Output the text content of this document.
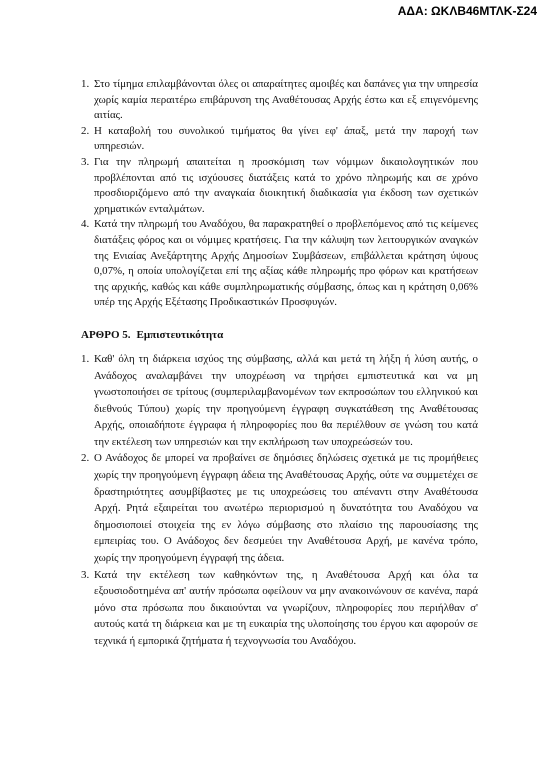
ΑΔΑ: ΩΚΛΒ46ΜΤΛΚ-Σ24
1. Στο τίμημα επιλαμβάνονται όλες οι απαραίτητες αμοιβές και δαπάνες για την υπηρεσία χωρίς καμία περαιτέρω επιβάρυνση της Αναθέτουσας Αρχής έστω και εξ επιγενόμενης αιτίας.
2. Η καταβολή του συνολικού τιμήματος θα γίνει εφ' άπαξ, μετά την παροχή των υπηρεσιών.
3. Για την πληρωμή απαιτείται η προσκόμιση των νόμιμων δικαιολογητικών που προβλέπονται από τις ισχύουσες διατάξεις κατά το χρόνο πληρωμής και σε χρόνο προσδιοριζόμενο από την αναγκαία διοικητική διαδικασία για έκδοση των σχετικών χρηματικών ενταλμάτων.
4. Κατά την πληρωμή του Αναδόχου, θα παρακρατηθεί ο προβλεπόμενος από τις κείμενες διατάξεις φόρος και οι νόμιμες κρατήσεις. Για την κάλυψη των λειτουργικών αναγκών της Ενιαίας Ανεξάρτητης Αρχής Δημοσίων Συμβάσεων, επιβάλλεται κράτηση ύψους 0,07%, η οποία υπολογίζεται επί της αξίας κάθε πληρωμής προ φόρων και κρατήσεων της αρχικής, καθώς και κάθε συμπληρωματικής σύμβασης, όπως και η κράτηση 0,06% υπέρ της Αρχής Εξέτασης Προδικαστικών Προσφυγών.
ΑΡΘΡΟ 5. Εμπιστευτικότητα
1. Καθ' όλη τη διάρκεια ισχύος της σύμβασης, αλλά και μετά τη λήξη ή λύση αυτής, ο Ανάδοχος αναλαμβάνει την υποχρέωση να τηρήσει εμπιστευτικά και να μη γνωστοποιήσει σε τρίτους (συμπεριλαμβανομένων των εκπροσώπων του ελληνικού και διεθνούς Τύπου) χωρίς την προηγούμενη έγγραφη συγκατάθεση της Αναθέτουσας Αρχής, οποιαδήποτε έγγραφα ή πληροφορίες που θα περιέλθουν σε γνώση του κατά την εκτέλεση των υπηρεσιών και την εκπλήρωση των υποχρεώσεών του.
2. Ο Ανάδοχος δε μπορεί να προβαίνει σε δημόσιες δηλώσεις σχετικά με τις προμήθειες χωρίς την προηγούμενη έγγραφη άδεια της Αναθέτουσας Αρχής, ούτε να συμμετέχει σε δραστηριότητες ασυμβίβαστες με τις υποχρεώσεις του απέναντι στην Αναθέτουσα Αρχή. Ρητά εξαιρείται του ανωτέρω περιορισμού η δυνατότητα του Αναδόχου να δημοσιοποιεί στοιχεία της εν λόγω σύμβασης στο πλαίσιο της παρουσίασης της εμπειρίας του. Ο Ανάδοχος δεν δεσμεύει την Αναθέτουσα Αρχή, με κανένα τρόπο, χωρίς την προηγούμενη έγγραφή της άδεια.
3. Κατά την εκτέλεση των καθηκόντων της, η Αναθέτουσα Αρχή και όλα τα εξουσιοδοτημένα απ' αυτήν πρόσωπα οφείλουν να μην ανακοινώνουν σε κανένα, παρά μόνο στα πρόσωπα που δικαιούνται να γνωρίζουν, πληροφορίες που περιήλθαν σ' αυτούς κατά τη διάρκεια και με τη ευκαιρία της υλοποίησης του έργου και αφορούν σε τεχνικά ή εμπορικά ζητήματα ή τεχνογνωσία του Αναδόχου.
